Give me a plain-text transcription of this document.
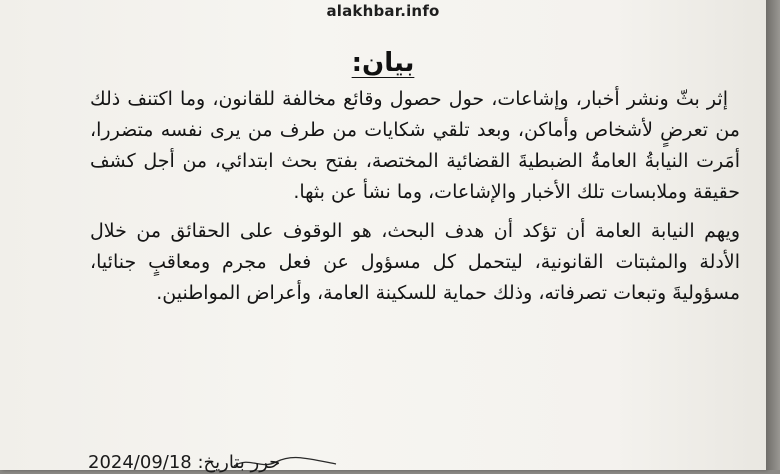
alakhbar.info
بيان:

إثر بثّ ونشر أخبار، وإشاعات، حول حصول وقائع مخالفة للقانون، وما اكتنف ذلك من تعرضٍ لأشخاص وأماكن، وبعد تلقي شكايات من طرف من يرى نفسه متضررا، أمَرت النيابةُ العامةُ الضبطيةَ القضائية المختصة، بفتح بحث ابتدائي، من أجل كشف حقيقة وملابسات تلك الأخبار والإشاعات، وما نشأ عن بثها.

ويهم النيابة العامة أن تؤكد أن هدف البحث، هو الوقوف على الحقائق من خلال الأدلة والمثبتات القانونية، ليتحمل كل مسؤول عن فعل مجرم ومعاقبٍ جنائيا، مسؤوليةَ وتبعات تصرفاته، وذلك حماية للسكينة العامة، وأعراض المواطنين.

حرر بتاريخ: 2024/09/18
